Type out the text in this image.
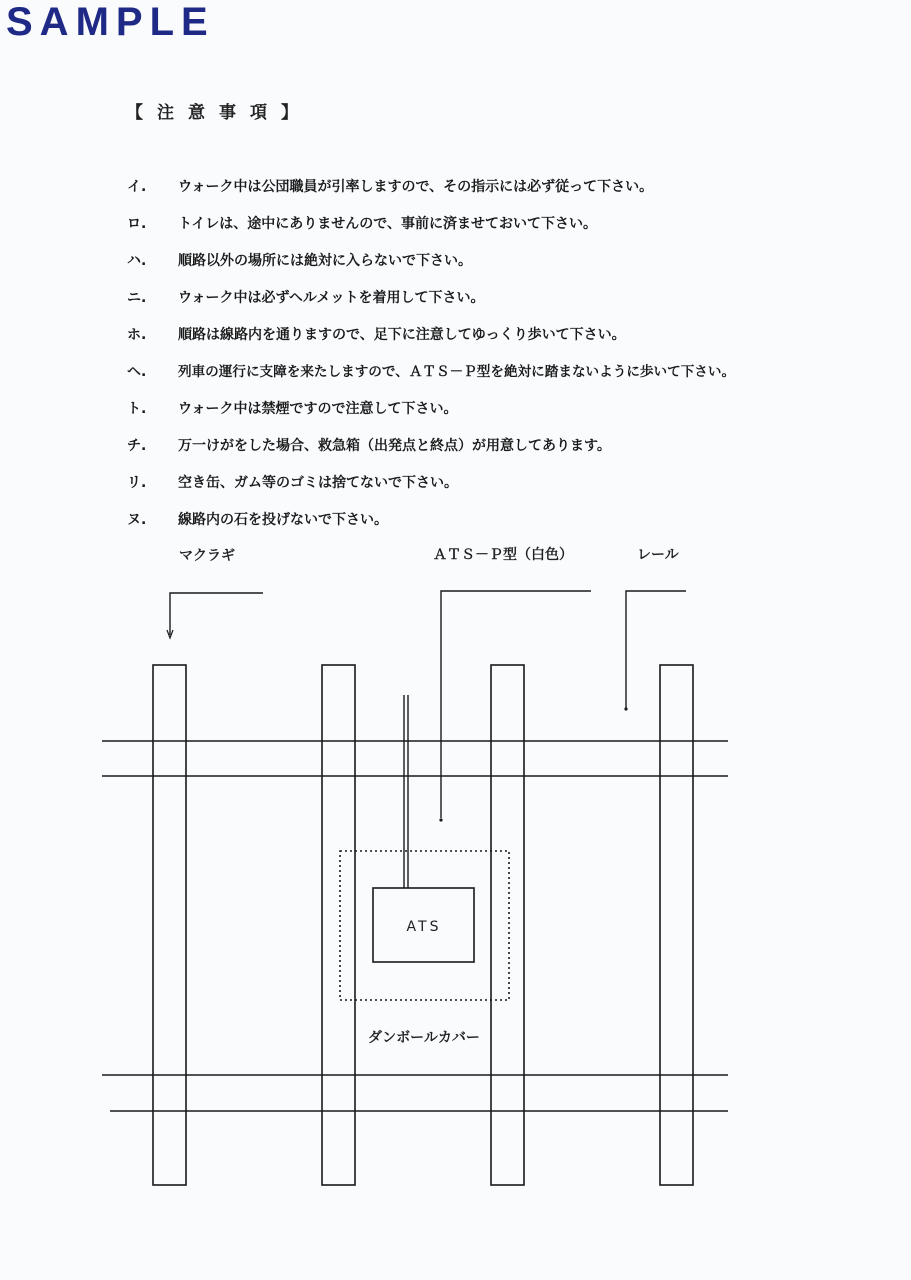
SAMPLE
【注意事項】
イ.	ウォーク中は公団職員が引率しますので、その指示には必ず従って下さい。
ロ.	トイレは、途中にありませんので、事前に済ませておいて下さい。
ハ.	順路以外の場所には絶対に入らないで下さい。
ニ.	ウォーク中は必ずヘルメットを着用して下さい。
ホ.	順路は線路内を通りますので、足下に注意してゆっくり歩いて下さい。
ヘ.	列車の運行に支障を来たしますので、ＡＴＳ－Ｐ型を絶対に踏まないように歩いて下さい。
ト.	ウォーク中は禁煙ですので注意して下さい。
チ.	万一けがをした場合、救急箱（出発点と終点）が用意してあります。
リ.	空き缶、ガム等のゴミは捨てないで下さい。
ヌ.	線路内の石を投げないで下さい。
ATS
マクラギ	ＡＴＳ－Ｐ型（白色）	レール
ダンボールカバー
